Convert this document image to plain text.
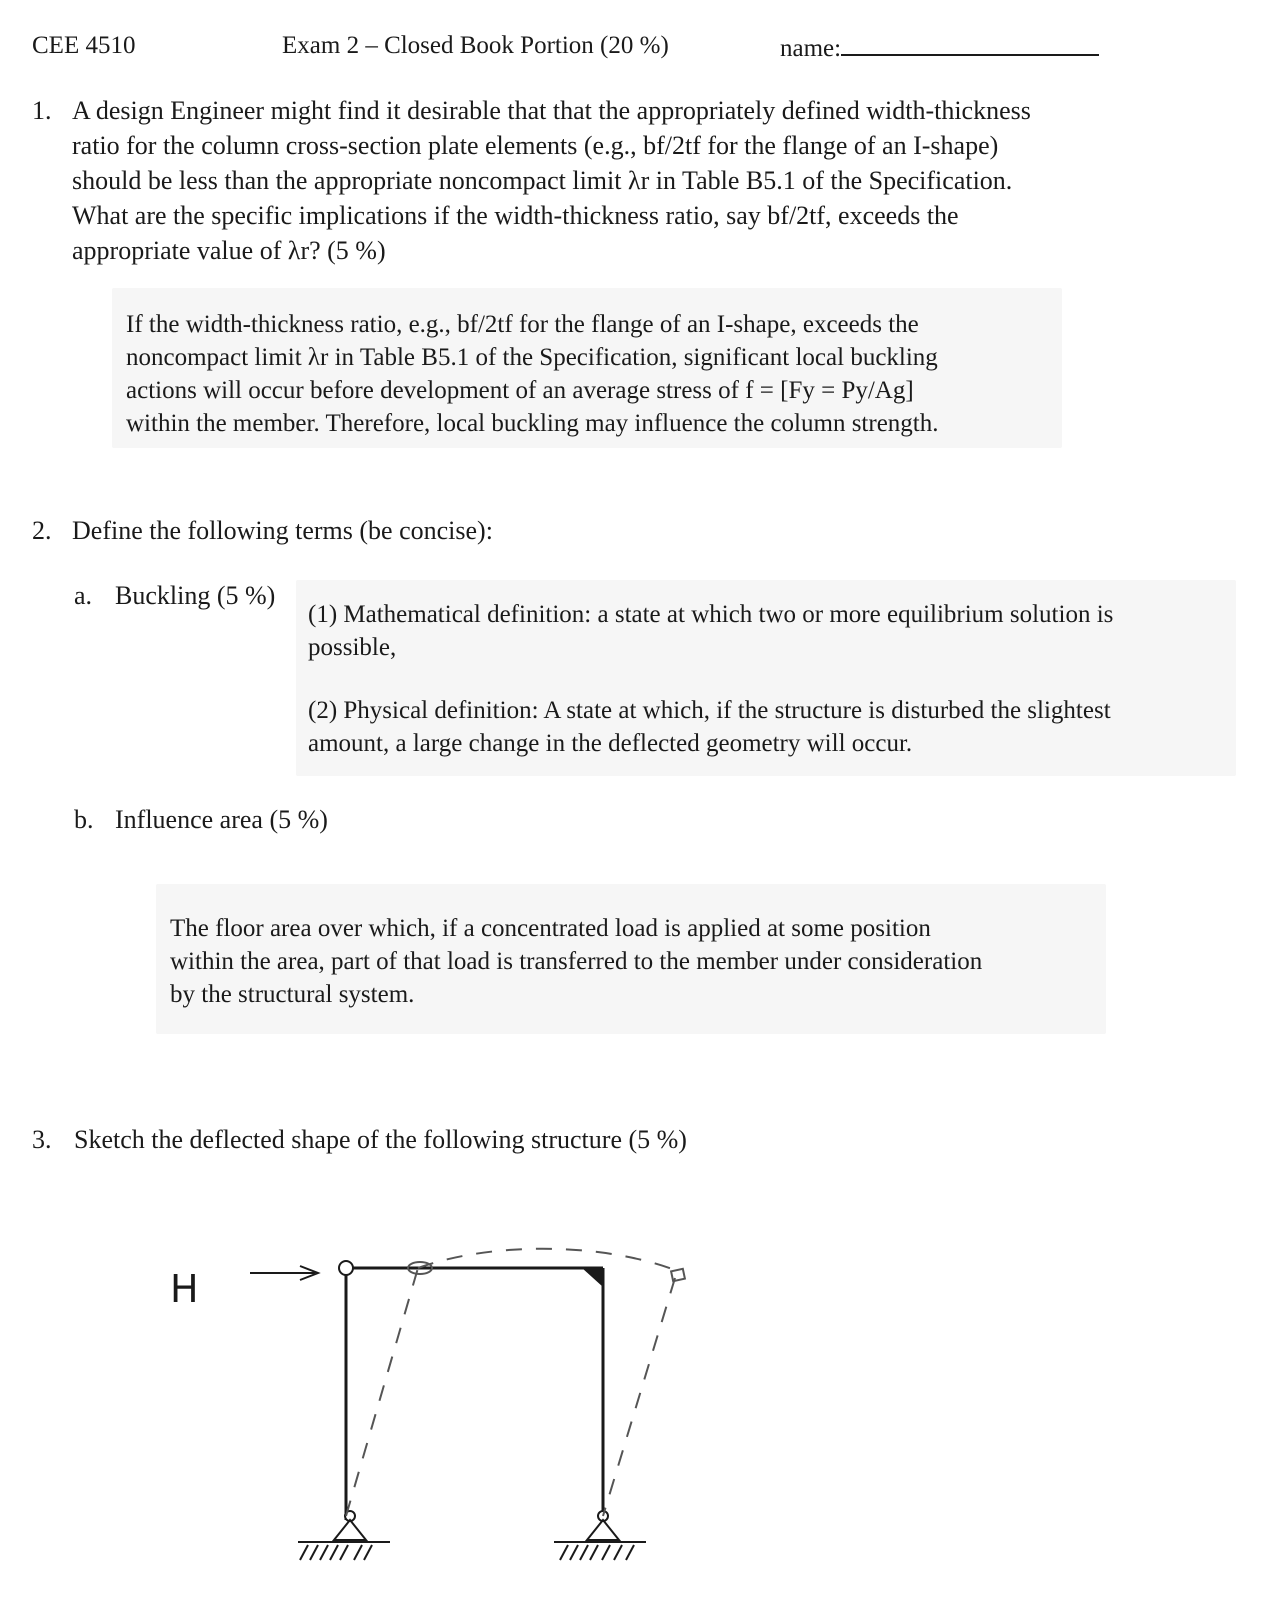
CEE 4510	Exam 2 – Closed Book Portion (20 %)	name:
1. A design Engineer might find it desirable that that the appropriately defined width-thickness
ratio for the column cross-section plate elements (e.g., bf/2tf for the flange of an I-shape)
should be less than the appropriate noncompact limit λr in Table B5.1 of the Specification.
What are the specific implications if the width-thickness ratio, say bf/2tf, exceeds the
appropriate value of λr? (5 %)
If the width-thickness ratio, e.g., bf/2tf for the flange of an I-shape, exceeds the
noncompact limit λr in Table B5.1 of the Specification, significant local buckling
actions will occur before development of an average stress of f = [Fy = Py/Ag]
within the member. Therefore, local buckling may influence the column strength.
2. Define the following terms (be concise):
a. Buckling (5 %)
(1) Mathematical definition: a state at which two or more equilibrium solution is
possible,
(2) Physical definition: A state at which, if the structure is disturbed the slightest
amount, a large change in the deflected geometry will occur.
b. Influence area (5 %)
The floor area over which, if a concentrated load is applied at some position
within the area, part of that load is transferred to the member under consideration
by the structural system.
3. Sketch the deflected shape of the following structure (5 %)
H
